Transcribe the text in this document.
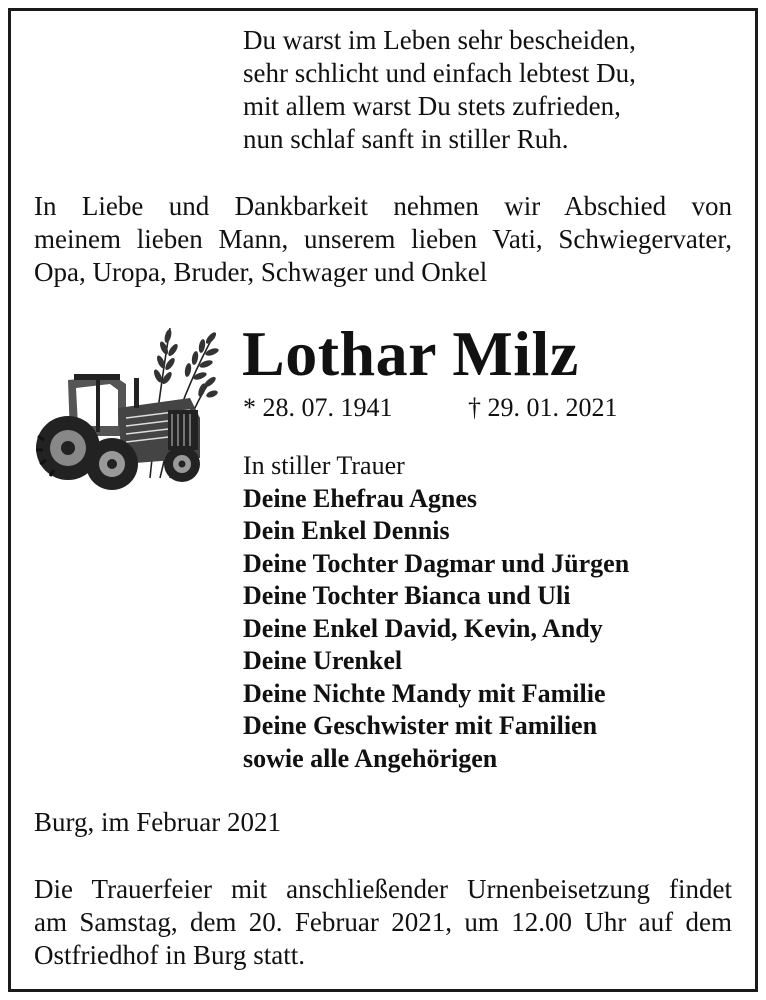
Du warst im Leben sehr bescheiden,
sehr schlicht und einfach lebtest Du,
mit allem warst Du stets zufrieden,
nun schlaf sanft in stiller Ruh.
In Liebe und Dankbarkeit nehmen wir Abschied von
meinem lieben Mann, unserem lieben Vati, Schwiegervater,
Opa, Uropa, Bruder, Schwager und Onkel
Lothar Milz
* 28. 07. 1941	† 29. 01. 2021
In stiller Trauer
Deine Ehefrau Agnes
Dein Enkel Dennis
Deine Tochter Dagmar und Jürgen
Deine Tochter Bianca und Uli
Deine Enkel David, Kevin, Andy
Deine Urenkel
Deine Nichte Mandy mit Familie
Deine Geschwister mit Familien
sowie alle Angehörigen
Burg, im Februar 2021
Die Trauerfeier mit anschließender Urnenbeisetzung findet
am Samstag, dem 20. Februar 2021, um 12.00 Uhr auf dem
Ostfriedhof in Burg statt.
